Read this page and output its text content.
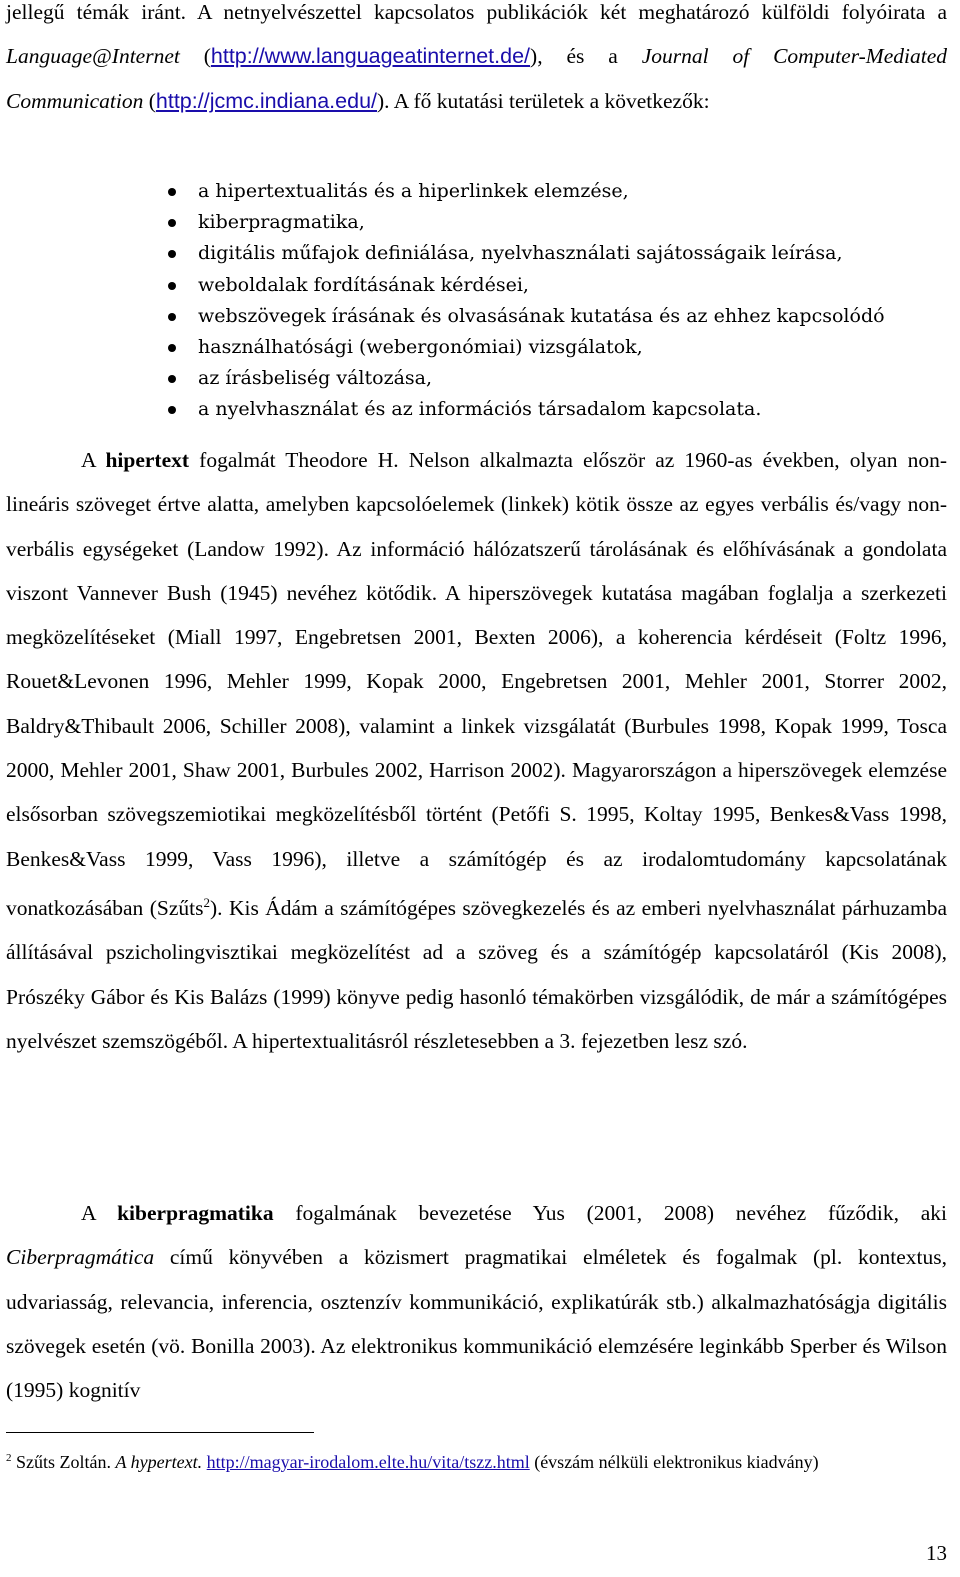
jellegű témák iránt. A netnyelvészettel kapcsolatos publikációk két meghatározó külföldi folyóirata a Language@Internet (http://www.languageatinternet.de/), és a Journal of Computer-Mediated Communication (http://jcmc.indiana.edu/). A fő kutatási területek a következők:

a hipertextualitás és a hiperlinkek elemzése,
kiberpragmatika,
digitális műfajok definiálása, nyelvhasználati sajátosságaik leírása,
weboldalak fordításának kérdései,
webszövegek írásának és olvasásának kutatása és az ehhez kapcsolódó
használhatósági (webergonómiai) vizsgálatok,
az írásbeliség változása,
a nyelvhasználat és az információs társadalom kapcsolata.

A hipertext fogalmát Theodore H. Nelson alkalmazta először az 1960-as években, olyan non-lineáris szöveget értve alatta, amelyben kapcsolóelemek (linkek) kötik össze az egyes verbális és/vagy non-verbális egységeket (Landow 1992). Az információ hálózatszerű tárolásának és előhívásának a gondolata viszont Vannever Bush (1945) nevéhez kötődik. A hiperszövegek kutatása magában foglalja a szerkezeti megközelítéseket (Miall 1997, Engebretsen 2001, Bexten 2006), a koherencia kérdéseit (Foltz 1996, Rouet&Levonen 1996, Mehler 1999, Kopak 2000, Engebretsen 2001, Mehler 2001, Storrer 2002, Baldry&Thibault 2006, Schiller 2008), valamint a linkek vizsgálatát (Burbules 1998, Kopak 1999, Tosca 2000, Mehler 2001, Shaw 2001, Burbules 2002, Harrison 2002). Magyarországon a hiperszövegek elemzése elsősorban szövegszemiotikai megközelítésből történt (Petőfi S. 1995, Koltay 1995, Benkes&Vass 1998, Benkes&Vass 1999, Vass 1996), illetve a számítógép és az irodalomtudomány kapcsolatának vonatkozásában (Szűts$^2$). Kis Ádám a számítógépes szövegkezelés és az emberi nyelvhasználat párhuzamba állításával pszicholingvisztikai megközelítést ad a szöveg és a számítógép kapcsolatáról (Kis 2008), Prószéky Gábor és Kis Balázs (1999) könyve pedig hasonló témakörben vizsgálódik, de már a számítógépes nyelvészet szemszögéből. A hipertextualitásról részletesebben a 3. fejezetben lesz szó.

A kiberpragmatika fogalmának bevezetése Yus (2001, 2008) nevéhez fűződik, aki Ciberpragmática című könyvében a közismert pragmatikai elméletek és fogalmak (pl. kontextus, udvariasság, relevancia, inferencia, osztenzív kommunikáció, explikatúrák stb.) alkalmazhatóságja digitális szövegek esetén (vö. Bonilla 2003). Az elektronikus kommunikáció elemzésére leginkább Sperber és Wilson (1995) kognitív

$^2$ Szűts Zoltán. A hypertext. http://magyar-irodalom.elte.hu/vita/tszz.html (évszám nélküli elektronikus kiadvány)
13
